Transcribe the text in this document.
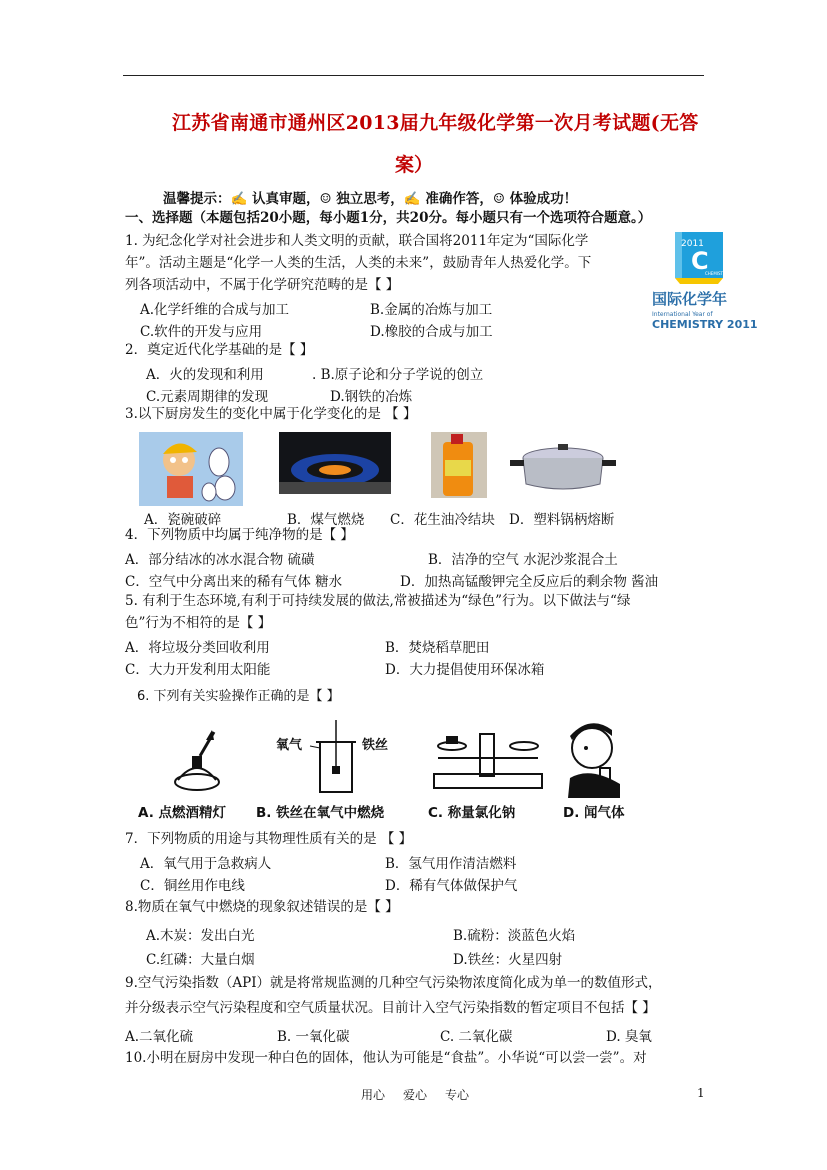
江苏省南通市通州区2013届九年级化学第一次月考试题(无答
案）
温馨提示：✍ 认真审题，☺ 独立思考，✍ 准确作答，☺ 体验成功！
一、选择题（本题包括20小题，每小题1分，共20分。每小题只有一个选项符合题意。）
1. 为纪念化学对社会进步和人类文明的贡献，联合国将2011年定为“国际化学
年”。活动主题是“化学一人类的生活，人类的未来”，鼓励青年人热爱化学。下
列各项活动中，不属于化学研究范畴的是【 】
A.化学纤维的合成与加工	B.金属的冶炼与加工
C.软件的开发与应用	D.橡胶的合成与加工
2011
C
CHEMISTRY
国际化学年
International Year of
CHEMISTRY 2011
2．奠定近代化学基础的是【 】
A．火的发现和利用	. B.原子论和分子学说的创立
C.元素周期律的发现	D.钢铁的冶炼
3.以下厨房发生的变化中属于化学变化的是 【 】
A．瓷碗破碎	B．煤气燃烧 C．花生油冷结块 D．塑料锅柄熔断
4．下列物质中均属于纯净物的是【 】
A．部分结冰的冰水混合物 硫磺	B．洁净的空气 水泥沙浆混合土
C．空气中分离出来的稀有气体 糖水	D．加热高锰酸钾完全反应后的剩余物 酱油
5. 有利于生态环境,有利于可持续发展的做法,常被描述为“绿色”行为。以下做法与“绿
色”行为不相符的是【 】
A．将垃圾分类回收利用	B．焚烧稻草肥田
C．大力开发利用太阳能	D．大力提倡使用环保冰箱
6. 下列有关实验操作正确的是【 】
氧气	铁丝
A. 点燃酒精灯 B. 铁丝在氧气中燃烧	C. 称量氯化钠	D. 闻气体
7．下列物质的用途与其物理性质有关的是 【 】
A．氧气用于急救病人	B．氢气用作清洁燃料
C．铜丝用作电线	D．稀有气体做保护气
8.物质在氧气中燃烧的现象叙述错误的是【 】
A.木炭：发出白光	B.硫粉：淡蓝色火焰
C.红磷：大量白烟	D.铁丝：火星四射
9.空气污染指数（API）就是将常规监测的几种空气污染物浓度简化成为单一的数值形式，
并分级表示空气污染程度和空气质量状况。目前计入空气污染指数的暂定项目不包括【 】
A.二氧化硫	B. 一氧化碳	C. 二氧化碳	D. 臭氧
10.小明在厨房中发现一种白色的固体，他认为可能是“食盐”。小华说“可以尝一尝”。对
用心 爱心 专心	1
